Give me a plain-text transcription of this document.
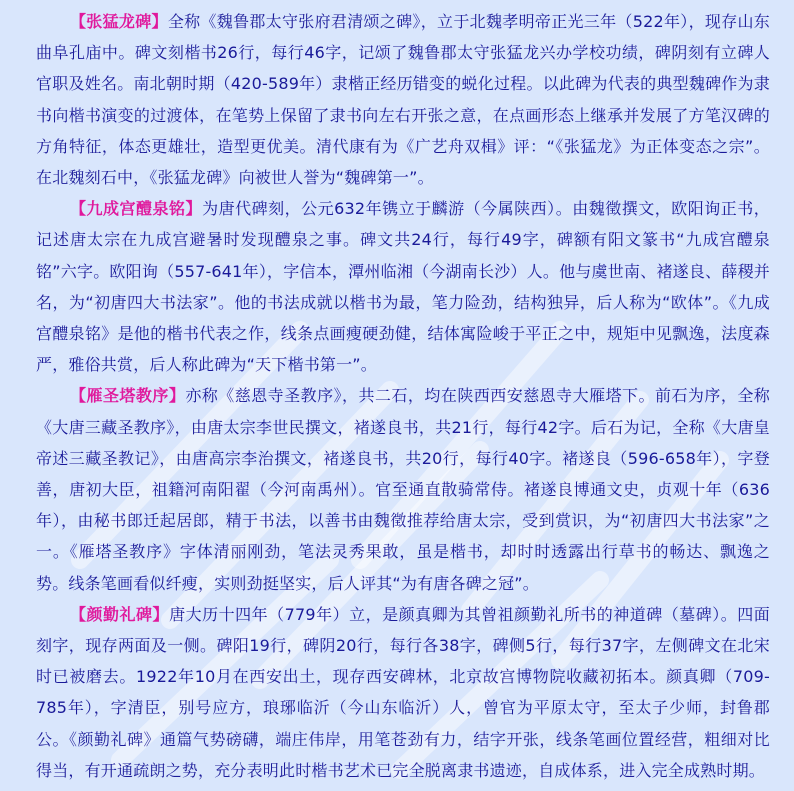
【张猛龙碑】全称《魏鲁郡太守张府君清颂之碑》，立于北魏孝明帝正光三年（522年），现存山东曲阜孔庙中。碑文刻楷书26行，每行46字，记颂了魏鲁郡太守张猛龙兴办学校功绩，碑阴刻有立碑人官职及姓名。南北朝时期（420-589年）隶楷正经历错变的蜕化过程。以此碑为代表的典型魏碑作为隶书向楷书演变的过渡体，在笔势上保留了隶书向左右开张之意，在点画形态上继承并发展了方笔汉碑的方角特征，体态更雄壮，造型更优美。清代康有为《广艺舟双楫》评：“《张猛龙》为正体变态之宗”。在北魏刻石中，《张猛龙碑》向被世人誉为“魏碑第一”。

【九成宫醴泉铭】为唐代碑刻，公元632年镌立于麟游（今属陕西）。由魏徵撰文，欧阳询正书，记述唐太宗在九成宫避暑时发现醴泉之事。碑文共24行，每行49字，碑额有阳文篆书“九成宫醴泉铭”六字。欧阳询（557-641年），字信本，潭州临湘（今湖南长沙）人。他与虞世南、褚遂良、薛稷并名，为“初唐四大书法家”。他的书法成就以楷书为最，笔力险劲，结构独异，后人称为“欧体”。《九成宫醴泉铭》是他的楷书代表之作，线条点画瘦硬劲健，结体寓险峻于平正之中，规矩中见飘逸，法度森严，雅俗共赏，后人称此碑为“天下楷书第一”。

【雁圣塔教序】亦称《慈恩寺圣教序》，共二石，均在陕西西安慈恩寺大雁塔下。前石为序，全称《大唐三藏圣教序》，由唐太宗李世民撰文，褚遂良书，共21行，每行42字。后石为记，全称《大唐皇帝述三藏圣教记》，由唐高宗李治撰文，褚遂良书，共20行，每行40字。褚遂良（596-658年），字登善，唐初大臣，祖籍河南阳翟（今河南禹州）。官至通直散骑常侍。褚遂良博通文史，贞观十年（636年），由秘书郎迁起居郎，精于书法，以善书由魏徵推荐给唐太宗，受到赏识，为“初唐四大书法家”之一。《雁塔圣教序》字体清丽刚劲，笔法灵秀果敢，虽是楷书，却时时透露出行草书的畅达、飘逸之势。线条笔画看似纤瘦，实则劲挺坚实，后人评其“为有唐各碑之冠”。

【颜勤礼碑】唐大历十四年（779年）立，是颜真卿为其曾祖颜勤礼所书的神道碑（墓碑）。四面刻字，现存两面及一侧。碑阳19行，碑阴20行，每行各38字，碑侧5行，每行37字，左侧碑文在北宋时已被磨去。1922年10月在西安出土，现存西安碑林，北京故宫博物院收藏初拓本。颜真卿（709-785年），字清臣，别号应方，琅琊临沂（今山东临沂）人，曾官为平原太守，至太子少师，封鲁郡公。《颜勤礼碑》通篇气势磅礴，端庄伟岸，用笔苍劲有力，结字开张，线条笔画位置经营，粗细对比得当，有开通疏朗之势，充分表明此时楷书艺术已完全脱离隶书遗迹，自成体系，进入完全成熟时期。
